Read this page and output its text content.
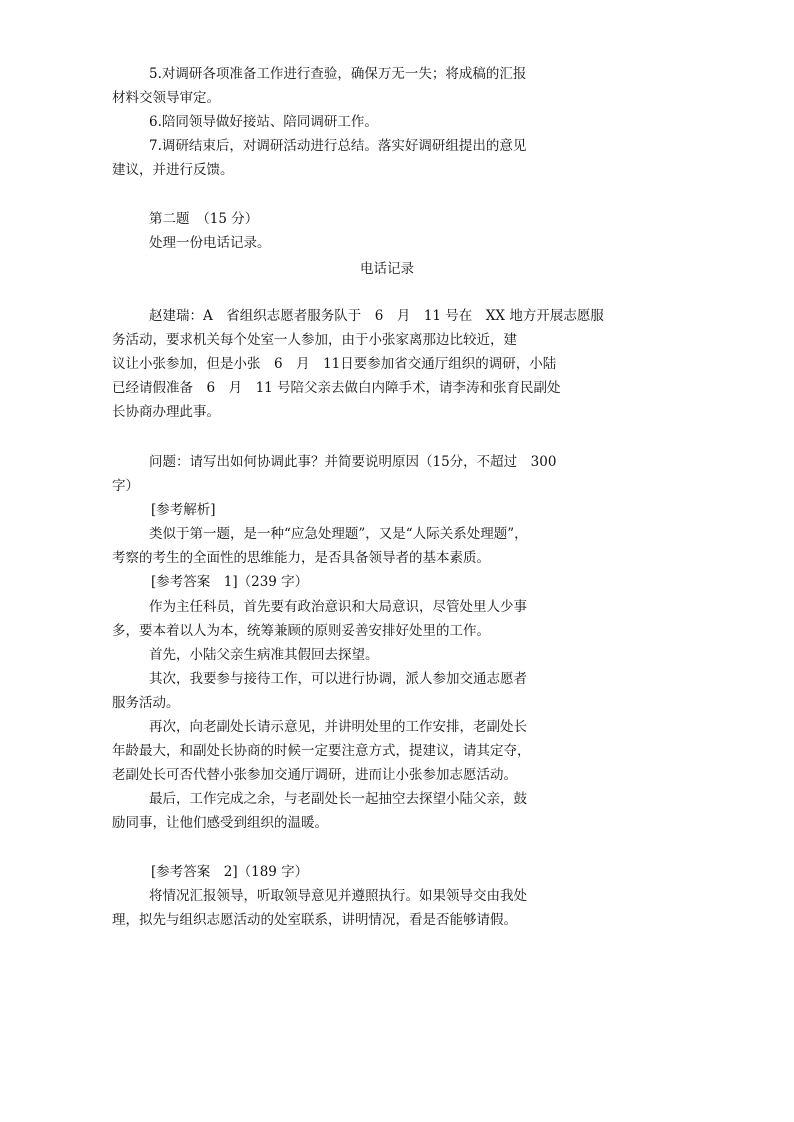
5.对调研各项准备工作进行查验，确保万无一失；将成稿的汇报
材料交领导审定。
6.陪同领导做好接站、陪同调研工作。
7.调研结束后，对调研活动进行总结。落实好调研组提出的意见
建议，并进行反馈。
第二题　（15 分）
处理一份电话记录。
电话记录
赵建瑞：A　省组织志愿者服务队于　6　月　11 号在　XX 地方开展志愿服
务活动，要求机关每个处室一人参加，由于小张家离那边比较近，建
议让小张参加，但是小张　6　月　11日要参加省交通厅组织的调研，小陆
已经请假准备　6　月　11 号陪父亲去做白内障手术，请李涛和张育民副处
长协商办理此事。
问题：请写出如何协调此事？并简要说明原因（15分，不超过　300
字）
[参考解析]
类似于第一题，是一种“应急处理题”，又是“人际关系处理题”，
考察的考生的全面性的思维能力，是否具备领导者的基本素质。
[参考答案　1]（239 字）
作为主任科员，首先要有政治意识和大局意识，尽管处里人少事
多，要本着以人为本，统筹兼顾的原则妥善安排好处里的工作。
首先，小陆父亲生病准其假回去探望。
其次，我要参与接待工作，可以进行协调，派人参加交通志愿者
服务活动。
再次，向老副处长请示意见，并讲明处里的工作安排，老副处长
年龄最大，和副处长协商的时候一定要注意方式，提建议，请其定夺，
老副处长可否代替小张参加交通厅调研，进而让小张参加志愿活动。
最后，工作完成之余，与老副处长一起抽空去探望小陆父亲，鼓
励同事，让他们感受到组织的温暖。
[参考答案　2]（189 字）
将情况汇报领导，听取领导意见并遵照执行。如果领导交由我处
理，拟先与组织志愿活动的处室联系，讲明情况，看是否能够请假。
